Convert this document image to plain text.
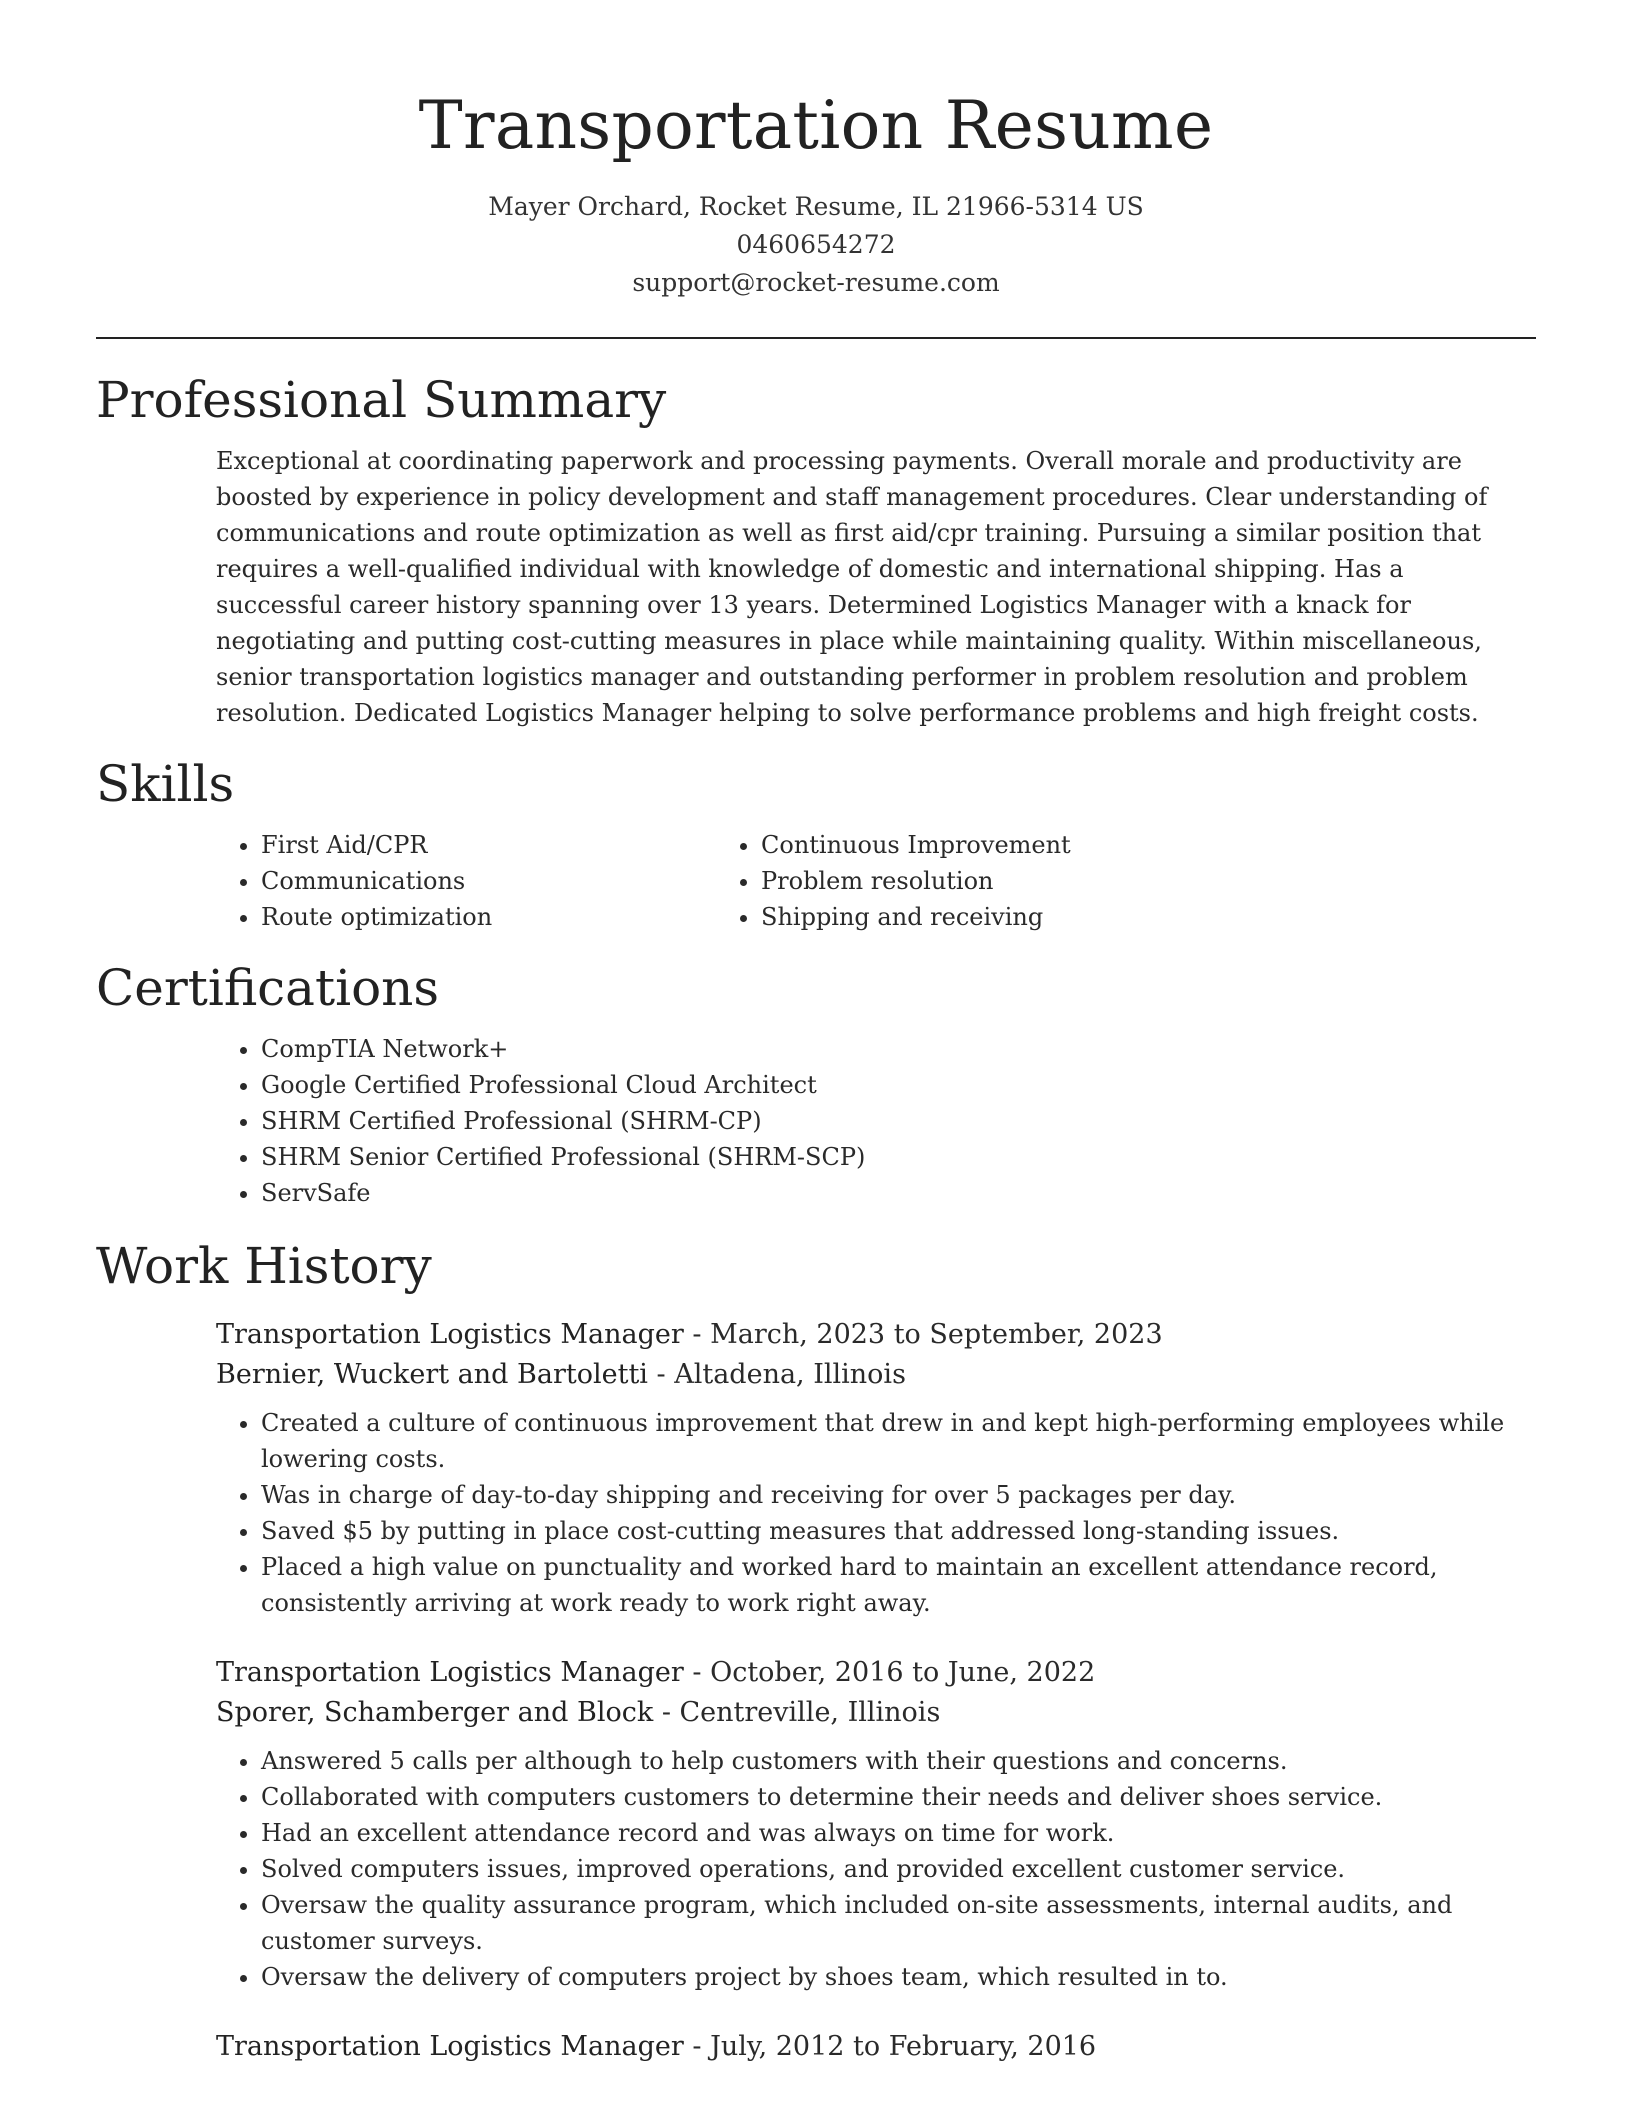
Transportation Resume

Mayer Orchard, Rocket Resume, IL 21966-5314 US

0460654272

support@rocket-resume.com

Professional Summary

Exceptional at coordinating paperwork and processing payments. Overall morale and productivity are boosted by experience in policy development and staff management procedures. Clear understanding of communications and route optimization as well as first aid/cpr training. Pursuing a similar position that requires a well-qualified individual with knowledge of domestic and international shipping. Has a successful career history spanning over 13 years. Determined Logistics Manager with a knack for negotiating and putting cost-cutting measures in place while maintaining quality. Within miscellaneous, senior transportation logistics manager and outstanding performer in problem resolution and problem resolution. Dedicated Logistics Manager helping to solve performance problems and high freight costs.

Skills
• First Aid/CPR
• Communications
• Route optimization
• Continuous Improvement
• Problem resolution
• Shipping and receiving
Certifications
• CompTIA Network+
• Google Certified Professional Cloud Architect
• SHRM Certified Professional (SHRM-CP)
• SHRM Senior Certified Professional (SHRM-SCP)
• ServSafe
Work History

Transportation Logistics Manager - March, 2023 to September, 2023

Bernier, Wuckert and Bartoletti - Altadena, Illinois

• Created a culture of continuous improvement that drew in and kept high-performing employees while lowering costs.
• Was in charge of day-to-day shipping and receiving for over 5 packages per day.
• Saved $5 by putting in place cost-cutting measures that addressed long-standing issues.
• Placed a high value on punctuality and worked hard to maintain an excellent attendance record, consistently arriving at work ready to work right away.

Transportation Logistics Manager - October, 2016 to June, 2022

Sporer, Schamberger and Block - Centreville, Illinois

• Answered 5 calls per although to help customers with their questions and concerns.
• Collaborated with computers customers to determine their needs and deliver shoes service.
• Had an excellent attendance record and was always on time for work.
• Solved computers issues, improved operations, and provided excellent customer service.
• Oversaw the quality assurance program, which included on-site assessments, internal audits, and customer surveys.
• Oversaw the delivery of computers project by shoes team, which resulted in to.

Transportation Logistics Manager - July, 2012 to February, 2016
